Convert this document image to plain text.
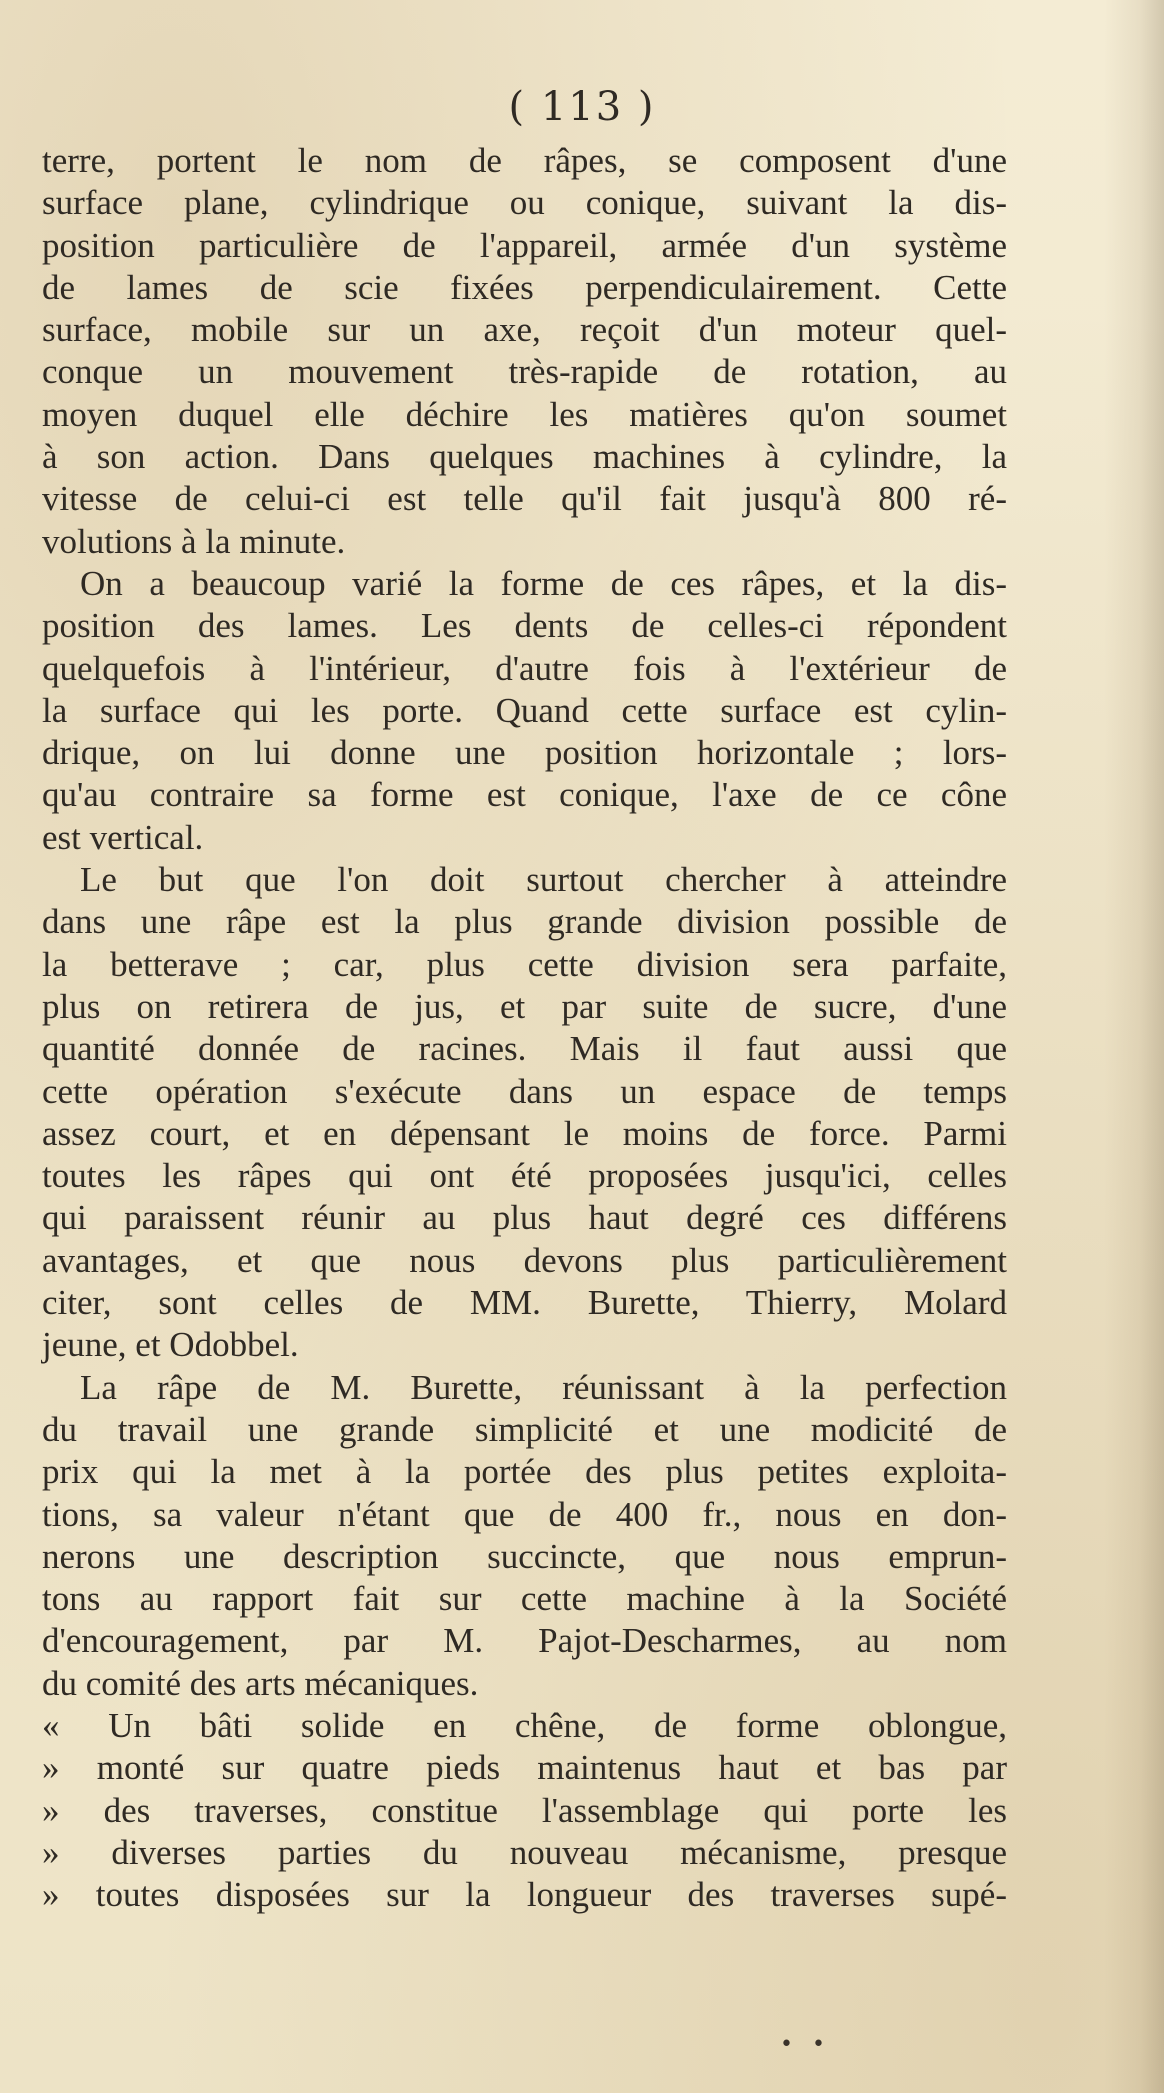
( 113 )
terre, portent le nom de râpes, se composent d'une
surface plane, cylindrique ou conique, suivant la dis-
position particulière de l'appareil, armée d'un système
de lames de scie fixées perpendiculairement. Cette
surface, mobile sur un axe, reçoit d'un moteur quel-
conque un mouvement très-rapide de rotation, au
moyen duquel elle déchire les matières qu'on soumet
à son action. Dans quelques machines à cylindre, la
vitesse de celui-ci est telle qu'il fait jusqu'à 800 ré-
volutions à la minute.
On a beaucoup varié la forme de ces râpes, et la dis-
position des lames. Les dents de celles-ci répondent
quelquefois à l'intérieur, d'autre fois à l'extérieur de
la surface qui les porte. Quand cette surface est cylin-
drique, on lui donne une position horizontale ; lors-
qu'au contraire sa forme est conique, l'axe de ce cône
est vertical.
Le but que l'on doit surtout chercher à atteindre
dans une râpe est la plus grande division possible de
la betterave ; car, plus cette division sera parfaite,
plus on retirera de jus, et par suite de sucre, d'une
quantité donnée de racines. Mais il faut aussi que
cette opération s'exécute dans un espace de temps
assez court, et en dépensant le moins de force. Parmi
toutes les râpes qui ont été proposées jusqu'ici, celles
qui paraissent réunir au plus haut degré ces différens
avantages, et que nous devons plus particulièrement
citer, sont celles de MM. Burette, Thierry, Molard
jeune, et Odobbel.
La râpe de M. Burette, réunissant à la perfection
du travail une grande simplicité et une modicité de
prix qui la met à la portée des plus petites exploita-
tions, sa valeur n'étant que de 400 fr., nous en don-
nerons une description succincte, que nous emprun-
tons au rapport fait sur cette machine à la Société
d'encouragement, par M. Pajot-Descharmes, au nom
du comité des arts mécaniques.
« Un bâti solide en chêne, de forme oblongue,
» monté sur quatre pieds maintenus haut et bas par
» des traverses, constitue l'assemblage qui porte les
» diverses parties du nouveau mécanisme, presque
» toutes disposées sur la longueur des traverses supé-
• •
